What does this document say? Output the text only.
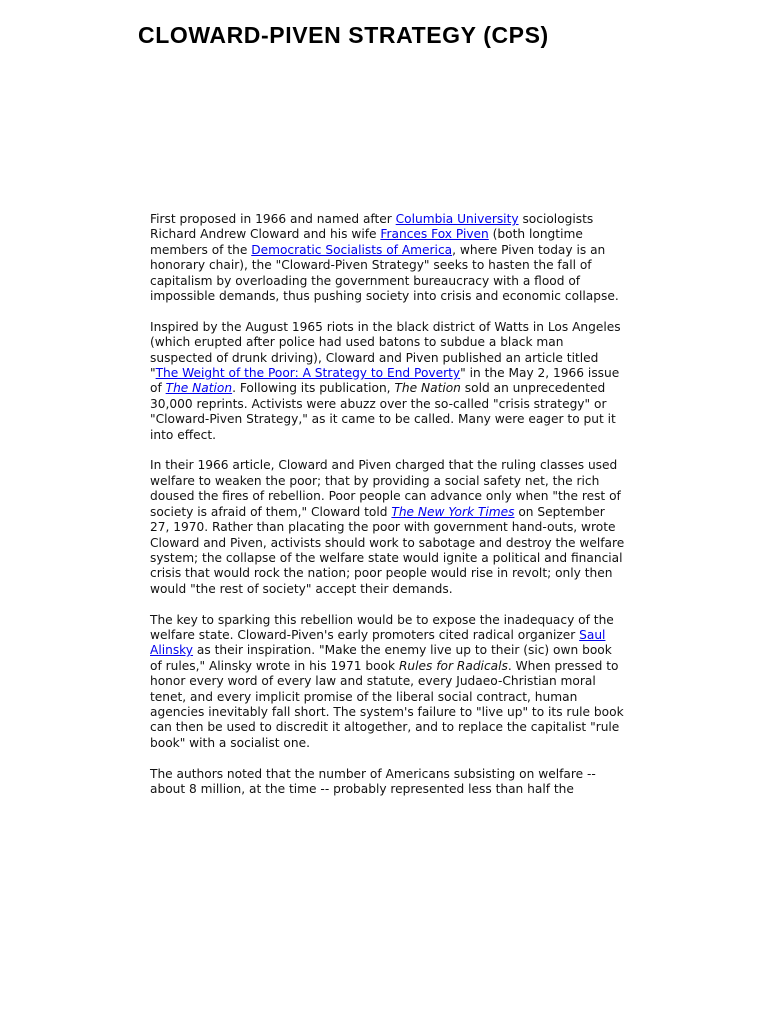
CLOWARD-PIVEN STRATEGY (CPS)

First proposed in 1966 and named after Columbia University sociologists Richard Andrew Cloward and his wife Frances Fox Piven (both longtime members of the Democratic Socialists of America, where Piven today is an honorary chair), the "Cloward-Piven Strategy" seeks to hasten the fall of capitalism by overloading the government bureaucracy with a flood of impossible demands, thus pushing society into crisis and economic collapse.

Inspired by the August 1965 riots in the black district of Watts in Los Angeles (which erupted after police had used batons to subdue a black man suspected of drunk driving), Cloward and Piven published an article titled "The Weight of the Poor: A Strategy to End Poverty" in the May 2, 1966 issue of The Nation. Following its publication, The Nation sold an unprecedented 30,000 reprints. Activists were abuzz over the so-called "crisis strategy" or "Cloward-Piven Strategy," as it came to be called. Many were eager to put it into effect.

In their 1966 article, Cloward and Piven charged that the ruling classes used welfare to weaken the poor; that by providing a social safety net, the rich doused the fires of rebellion. Poor people can advance only when "the rest of society is afraid of them," Cloward told The New York Times on September 27, 1970. Rather than placating the poor with government hand-outs, wrote Cloward and Piven, activists should work to sabotage and destroy the welfare system; the collapse of the welfare state would ignite a political and financial crisis that would rock the nation; poor people would rise in revolt; only then would "the rest of society" accept their demands.

The key to sparking this rebellion would be to expose the inadequacy of the welfare state. Cloward-Piven's early promoters cited radical organizer Saul Alinsky as their inspiration. "Make the enemy live up to their (sic) own book of rules," Alinsky wrote in his 1971 book Rules for Radicals. When pressed to honor every word of every law and statute, every Judaeo-Christian moral tenet, and every implicit promise of the liberal social contract, human agencies inevitably fall short. The system's failure to "live up" to its rule book can then be used to discredit it altogether, and to replace the capitalist "rule book" with a socialist one.

The authors noted that the number of Americans subsisting on welfare -- about 8 million, at the time -- probably represented less than half the
